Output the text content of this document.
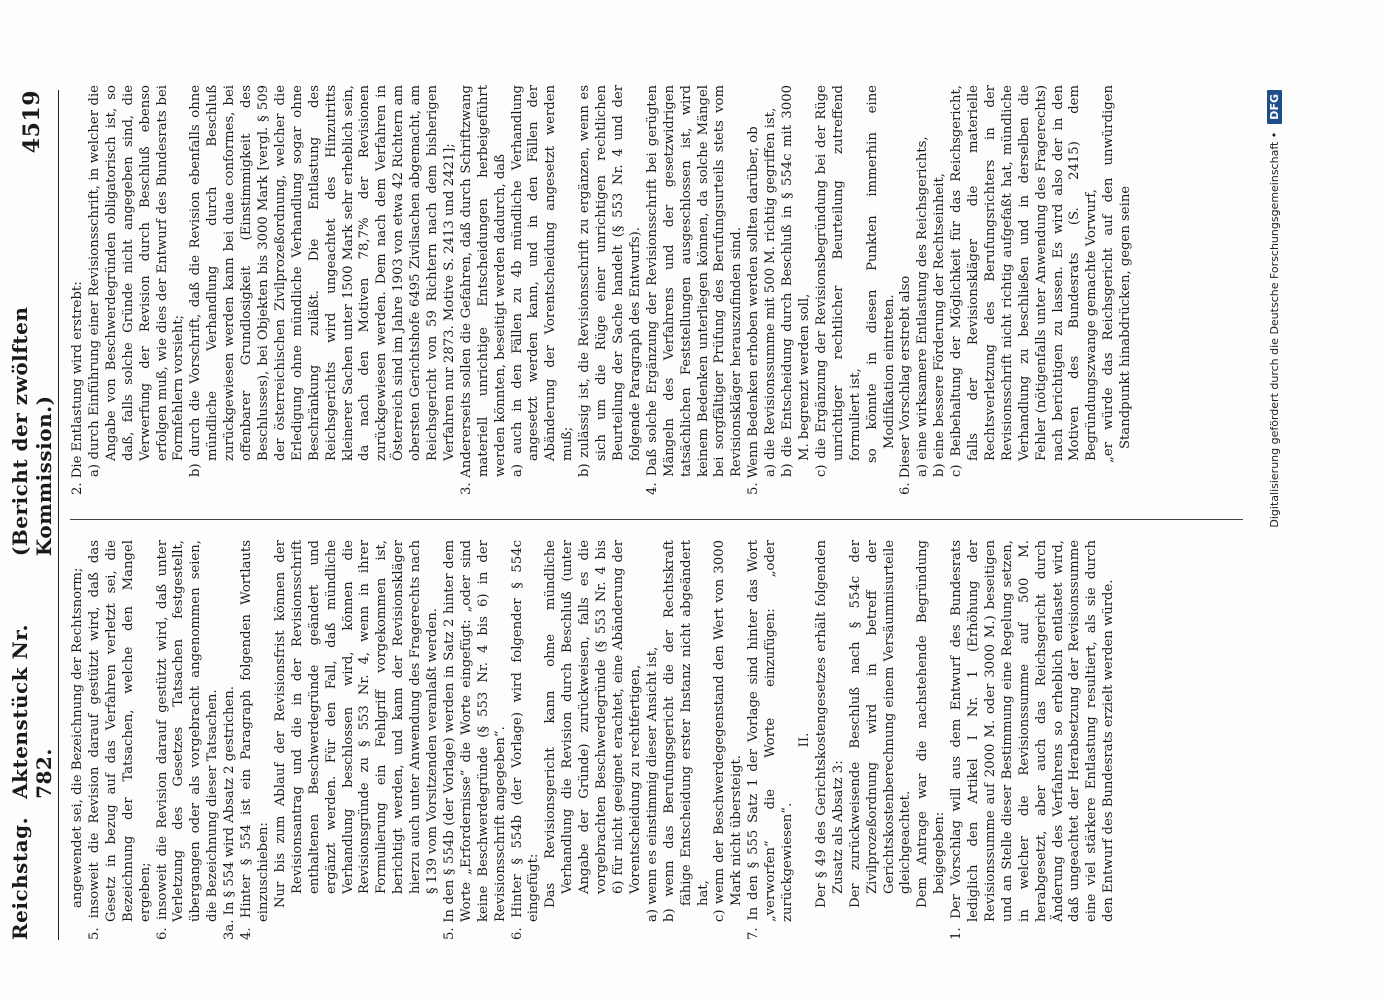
Reichstag.
Aktenstück Nr. 782.
(Bericht der zwölften Kommission.)
4519

angewendet sei, die Bezeichnung der Rechtsnorm; 5. insoweit die Revision darauf gestützt wird, daß das Gesetz in bezug auf das Verfahren verletzt sei, die Bezeichnung der Tatsachen, welche den Mangel ergeben; 6. insoweit die Revision darauf gestützt wird, daß unter Verletzung des Gesetzes Tatsachen festgestellt, übergangen oder als vorgebracht angenommen seien, die Bezeichnung dieser Tatsachen. 3a. In § 554 wird Absatz 2 gestrichen. 4. Hinter § 554 ist ein Paragraph folgenden Wortlauts einzuschieben: Nur bis zum Ablauf der Revisionsfrist können der Revisionsantrag und die in der Revisionsschrift enthaltenen Beschwerdegründe geändert und ergänzt werden. Für den Fall, daß mündliche Verhandlung beschlossen wird, können die Revisionsgründe zu § 553 Nr. 4, wenn in ihrer Formulierung ein Fehlgriff vorgekommen ist, berichtigt werden, und kann der Revisionskläger hierzu auch unter Anwendung des Fragerechts nach § 139 vom Vorsitzenden veranlaßt werden. 5. In den § 554b (der Vorlage) werden in Satz 2 hinter dem Worte „Erfordernisse“ die Worte eingefügt: „oder sind keine Beschwerdegründe (§ 553 Nr. 4 bis 6) in der Revisionsschrift angegeben“. 6. Hinter § 554b (der Vorlage) wird folgender § 554c eingefügt: Das Revisionsgericht kann ohne mündliche Verhandlung die Revision durch Beschluß (unter Angabe der Gründe) zurückweisen, falls es die vorgebrachten Beschwerdegründe (§ 553 Nr. 4 bis 6) für nicht geeignet erachtet, eine Abänderung der Vorentscheidung zu rechtfertigen, a) wenn es einstimmig dieser Ansicht ist, b) wenn das Berufungsgericht die der Rechtskraft fähige Entscheidung erster Instanz nicht abgeändert hat, c) wenn der Beschwerdegegenstand den Wert von 3000 Mark nicht übersteigt. 7. In den § 555 Satz 1 der Vorlage sind hinter das Wort „verworfen“ die Worte einzufügen: „oder zurückgewiesen“.

II. Der § 49 des Gerichtskostengesetzes erhält folgenden Zusatz als Absatz 3: Der zurückweisende Beschluß nach § 554c der Zivilprozeßordnung wird in betreff der Gerichtskostenberechnung einem Versäumnisurteile gleichgeachtet. Dem Antrage war die nachstehende Begründung beigegeben: 1. Der Vorschlag will aus dem Entwurf des Bundesrats lediglich den Artikel I Nr. 1 (Erhöhung der Revisionssumme auf 2000 M. oder 3000 M.) beseitigen und an Stelle dieser Bestimmung eine Regelung setzen, in welcher die Revisionssumme auf 500 M. herabgesetzt, aber auch das Reichsgericht durch Änderung des Verfahrens so erheblich entlastet wird, daß ungeachtet der Herabsetzung der Revisionssumme eine viel stärkere Entlastung resultiert, als sie durch den Entwurf des Bundesrats erzielt werden würde.

2. Die Entlastung wird erstrebt: a) durch Einführung einer Revisionsschrift, in welcher die Angabe von Beschwerdegründen obligatorisch ist, so daß, falls solche Gründe nicht angegeben sind, die Verwerfung der Revision durch Beschluß ebenso erfolgen muß, wie dies der Entwurf des Bundesrats bei Formfehlern vorsieht; b) durch die Vorschrift, daß die Revision ebenfalls ohne mündliche Verhandlung durch Beschluß zurückgewiesen werden kann bei duae conformes, bei offenbarer Grundlosigkeit (Einstimmigkeit des Beschlusses), bei Objekten bis 3000 Mark [vergl. § 509 der österreichischen Zivilprozeßordnung, welcher die Erledigung ohne mündliche Verhandlung sogar ohne Beschränkung zuläßt. Die Entlastung des Reichsgerichts wird ungeachtet des Hinzutritts kleinerer Sachen unter 1500 Mark sehr erheblich sein, da nach den Motiven 78,7% der Revisionen zurückgewiesen werden. Dem nach dem Verfahren in Österreich sind im Jahre 1903 von etwa 42 Richtern am obersten Gerichtshofe 6495 Zivilsachen abgemacht, am Reichsgericht von 59 Richtern nach dem bisherigen Verfahren nur 2873. Motive S. 2413 und 2421]; 3. Andererseits sollen die Gefahren, daß durch Schriftzwang materiell unrichtige Entscheidungen herbeigeführt werden könnten, beseitigt werden dadurch, daß a) auch in den Fällen zu 4b mündliche Verhandlung angesetzt werden kann, und in den Fällen der Abänderung der Vorentscheidung angesetzt werden muß; b) zulässig ist, die Revisionsschrift zu ergänzen, wenn es sich um die Rüge einer unrichtigen rechtlichen Beurteilung der Sache handelt (§ 553 Nr. 4 und der folgende Paragraph des Entwurfs). 4. Daß solche Ergänzung der Revisionsschrift bei gerügten Mängeln des Verfahrens und der gesetzwidrigen tatsächlichen Feststellungen ausgeschlossen ist, wird keinem Bedenken unterliegen können, da solche Mängel bei sorgfältiger Prüfung des Berufungsurteils stets vom Revisionskläger herauszufinden sind. 5. Wenn Bedenken erhoben werden sollten darüber, ob a) die Revisionssumme mit 500 M. richtig gegriffen ist, b) die Entscheidung durch Beschluß in § 554c mit 3000 M. begrenzt werden soll, c) die Ergänzung der Revisionsbegründung bei der Rüge unrichtiger rechtlicher Beurteilung zutreffend formuliert ist, so könnte in diesen Punkten immerhin eine Modifikation eintreten. 6. Dieser Vorschlag erstrebt also a) eine wirksamere Entlastung des Reichsgerichts, b) eine bessere Förderung der Rechtseinheit, c) Beibehaltung der Möglichkeit für das Reichsgericht, falls der Revisionskläger die materielle Rechtsverletzung des Berufungsrichters in der Revisionsschrift nicht richtig aufgefaßt hat, mündliche Verhandlung zu beschließen und in derselben die Fehler (nötigenfalls unter Anwendung des Fragerechts) nach berichtigen zu lassen. Es wird also der in den Motiven des Bundesrats (S. 2415) dem Begründungszwange gemachte Vorwurf, „er würde das Reichsgericht auf den unwürdigen Standpunkt hinabdrücken, gegen seine	Digitalisierung gefördert durch die Deutsche Forschungsgemeinschaft •
DFG
